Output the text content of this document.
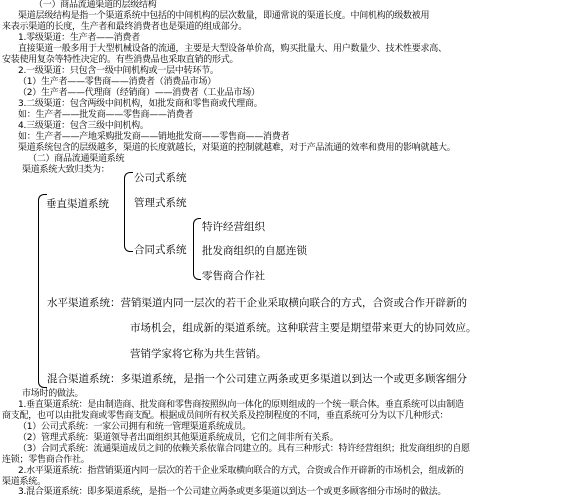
（一）商品流通渠道的层级结构
渠道层级结构是指一个渠道系统中包括的中间机构的层次数量，即通常说的渠道长度。中间机构的级数被用
来表示渠道的长度，生产者和最终消费者也是渠道的组成部分。
1.零级渠道：生产者——消费者
直接渠道一般多用于大型机械设备的流通，主要是大型设备单价高，购买批量大、用户数量少、技术性要求高、
安装使用复杂等特性决定的。有些消费品也采取直销的形式。
2.一级渠道：只包含一级中间机构或一层中转环节。
（1）生产者——零售商——消费者（消费品市场）
（2）生产者——代理商（经销商）——消费者（工业品市场）
3.二级渠道：包含两级中间机构，如批发商和零售商或代理商。
如：生产者——批发商——零售商——消费者
4.三级渠道：包含三级中间机构。
如：生产者——产地采购批发商——销地批发商——零售商——消费者
渠道系统包含的层级越多，渠道的长度就越长，对渠道的控制就越难，对于产品流通的效率和费用的影响就越大。
（二）商品流通渠道系统
渠道系统大致归类为：
垂直渠道系统
公司式系统
管理式系统
合同式系统
特许经营组织
批发商组织的自愿连锁
零售商合作社
水平渠道系统：营销渠道内同一层次的若干企业采取横向联合的方式，合资或合作开辟新的
市场机会，组成新的渠道系统。这种联营主要是期望带来更大的协同效应。
营销学家将它称为共生营销。
混合渠道系统：多渠道系统，是指一个公司建立两条或更多渠道以到达一个或更多顾客细分
市场时的做法。
1.垂直渠道系统：是由制造商、批发商和零售商按照纵向一体化的原则组成的一个统一联合体。垂直系统可以由制造
商支配，也可以由批发商或零售商支配。根据成员间所有权关系及控制程度的不同，垂直系统可分为以下几种形式：
（1）公司式系统：一家公司拥有和统一管理渠道系统成员。
（2）管理式系统：渠道领导者出面组织其他渠道系统成员，它们之间非所有关系。
（3）合同式系统：流通渠道成员之间的依赖关系依靠合同建立的。具有三种形式：特许经营组织；批发商组织的自愿
连锁；零售商合作社。
2.水平渠道系统：指营销渠道内同一层次的若干企业采取横向联合的方式，合资或合作开辟新的市场机会，组成新的
渠道系统。
3.混合渠道系统：即多渠道系统，是指一个公司建立两条或更多渠道以到达一个或更多顾客细分市场时的做法。
